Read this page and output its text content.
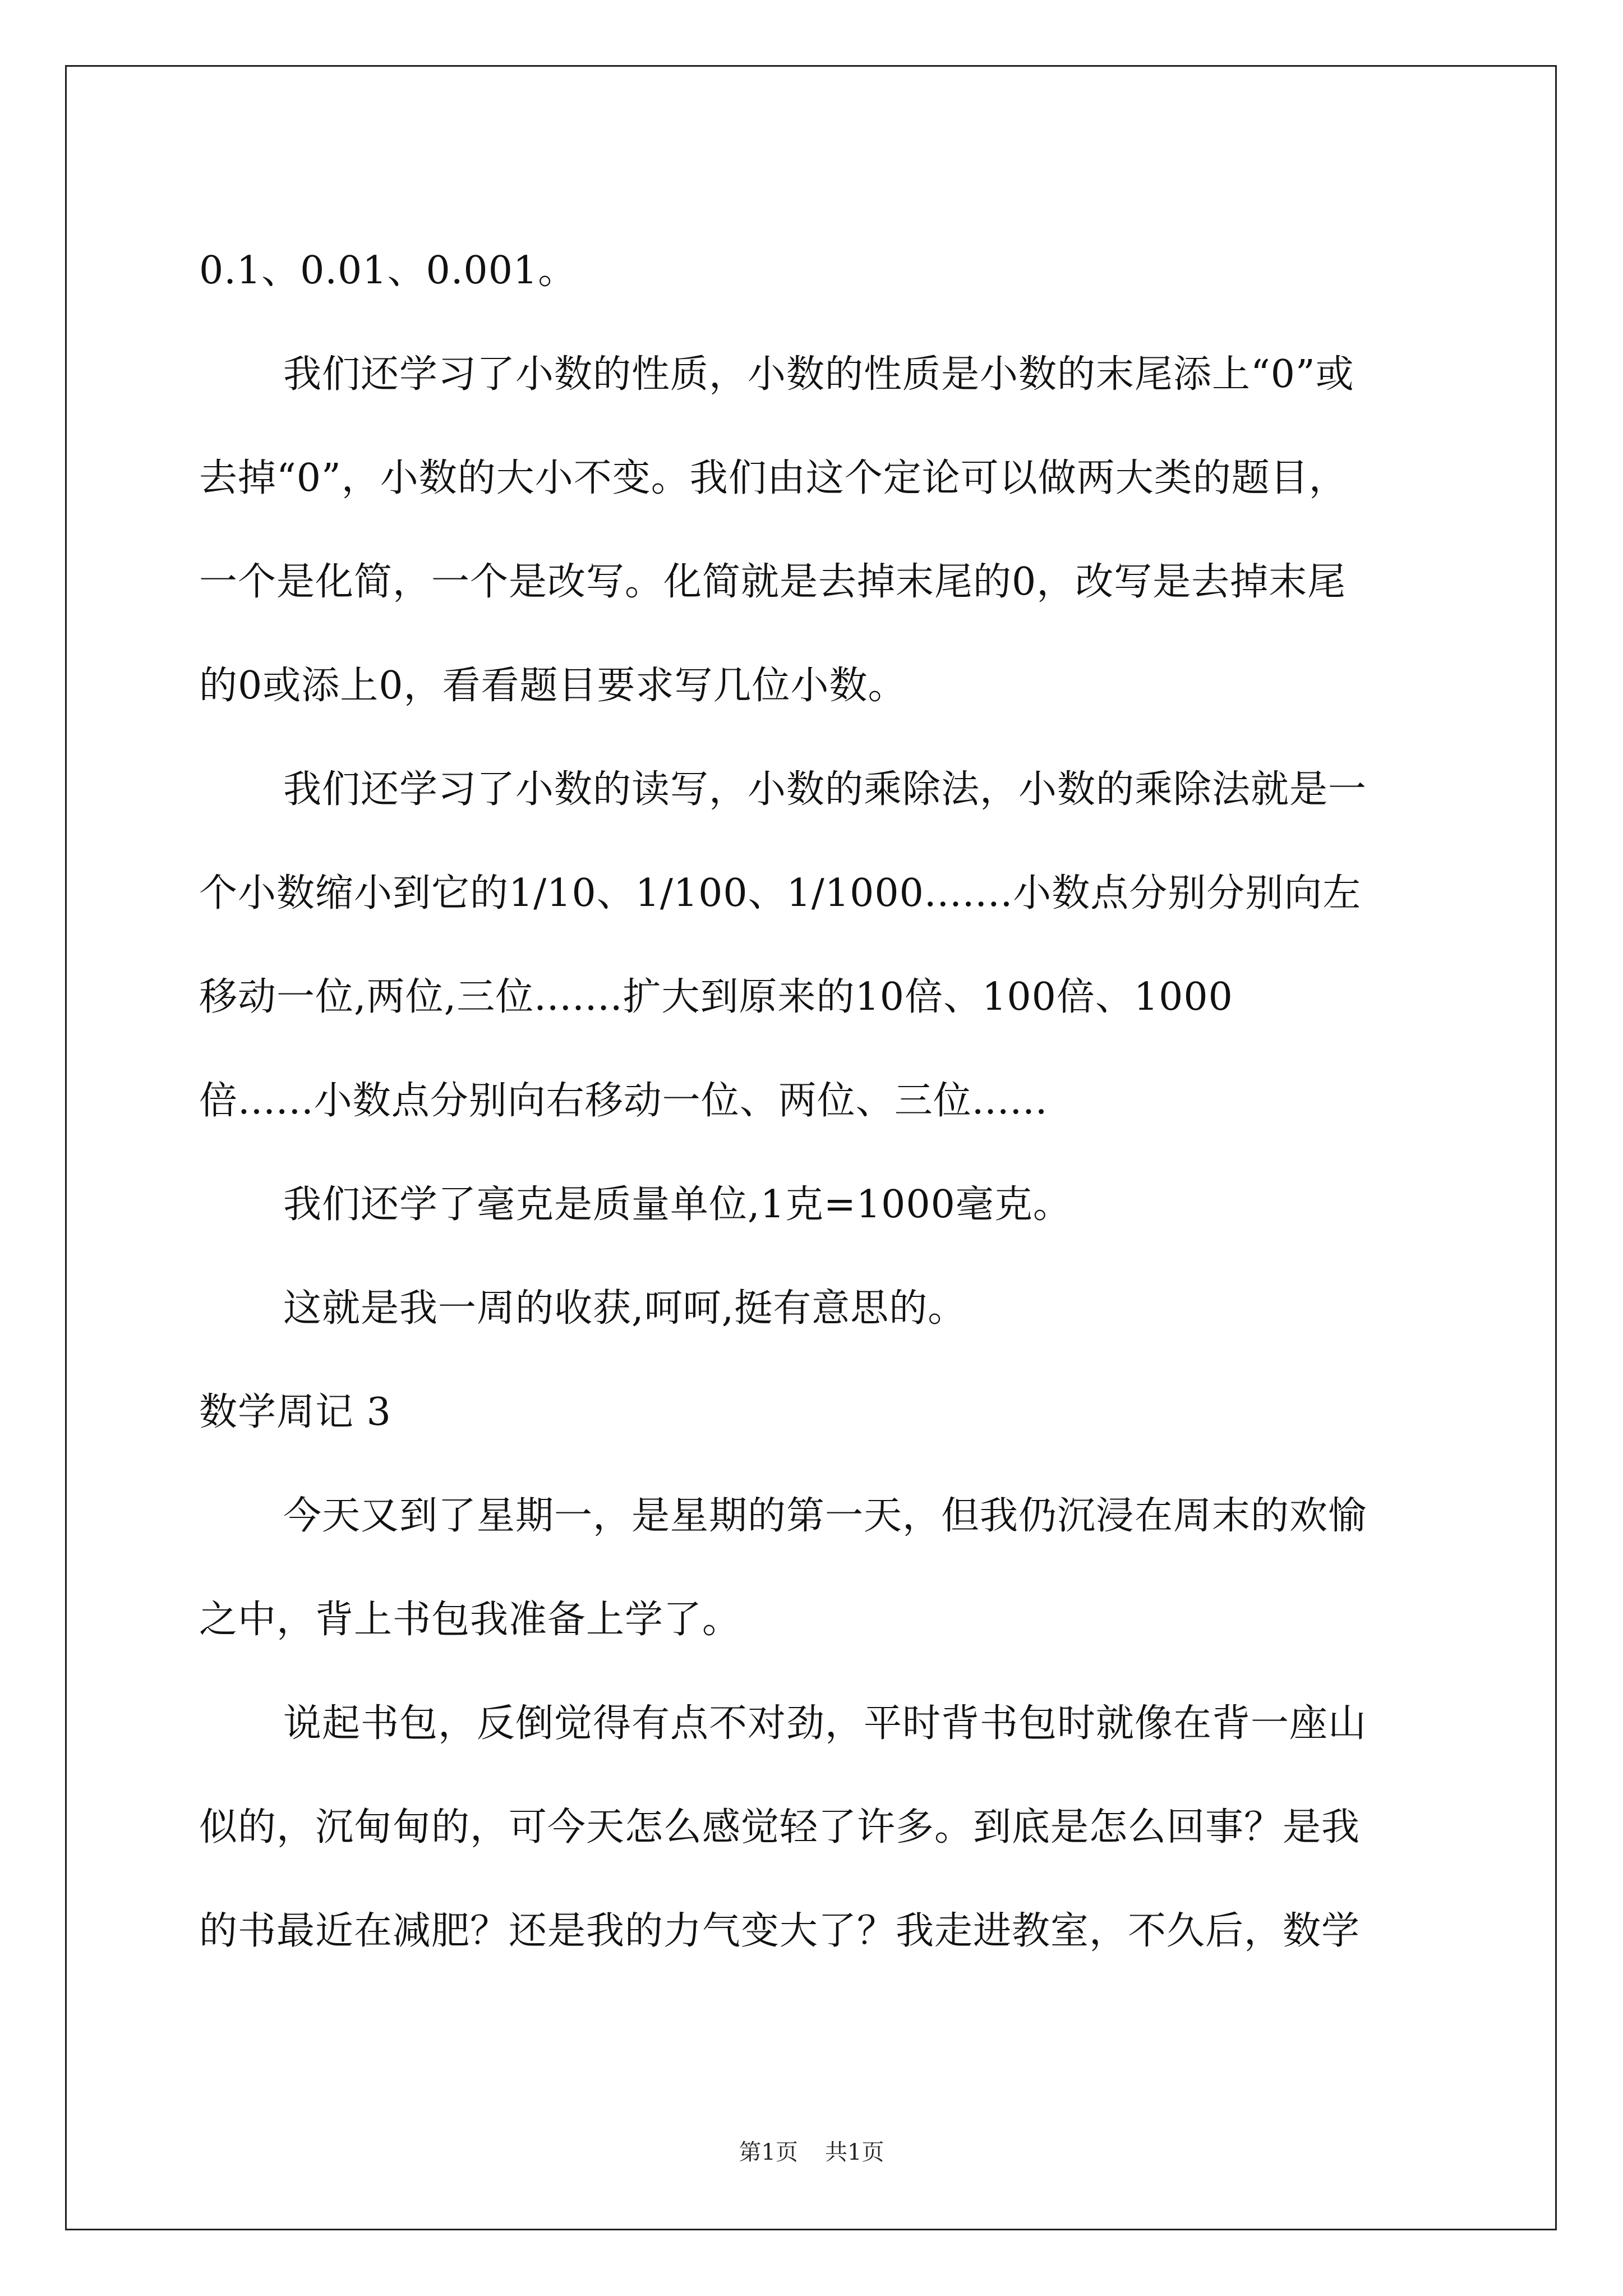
0.1、0.01、0.001。
我们还学习了小数的性质，小数的性质是小数的末尾添上“0”或
去掉“0”，小数的大小不变。我们由这个定论可以做两大类的题目，
一个是化简，一个是改写。化简就是去掉末尾的0，改写是去掉末尾
的0或添上0，看看题目要求写几位小数。
我们还学习了小数的读写，小数的乘除法，小数的乘除法就是一
个小数缩小到它的1/10、1/100、1/1000.......小数点分别分别向左
移动一位,两位,三位.......扩大到原来的10倍、100倍、1000
倍......小数点分别向右移动一位、两位、三位......
我们还学了毫克是质量单位,1克=1000毫克。
这就是我一周的收获,呵呵,挺有意思的。
数学周记 3
今天又到了星期一，是星期的第一天，但我仍沉浸在周末的欢愉
之中，背上书包我准备上学了。
说起书包，反倒觉得有点不对劲，平时背书包时就像在背一座山
似的，沉甸甸的，可今天怎么感觉轻了许多。到底是怎么回事？是我
的书最近在减肥？还是我的力气变大了？我走进教室，不久后，数学
第1页 共1页
